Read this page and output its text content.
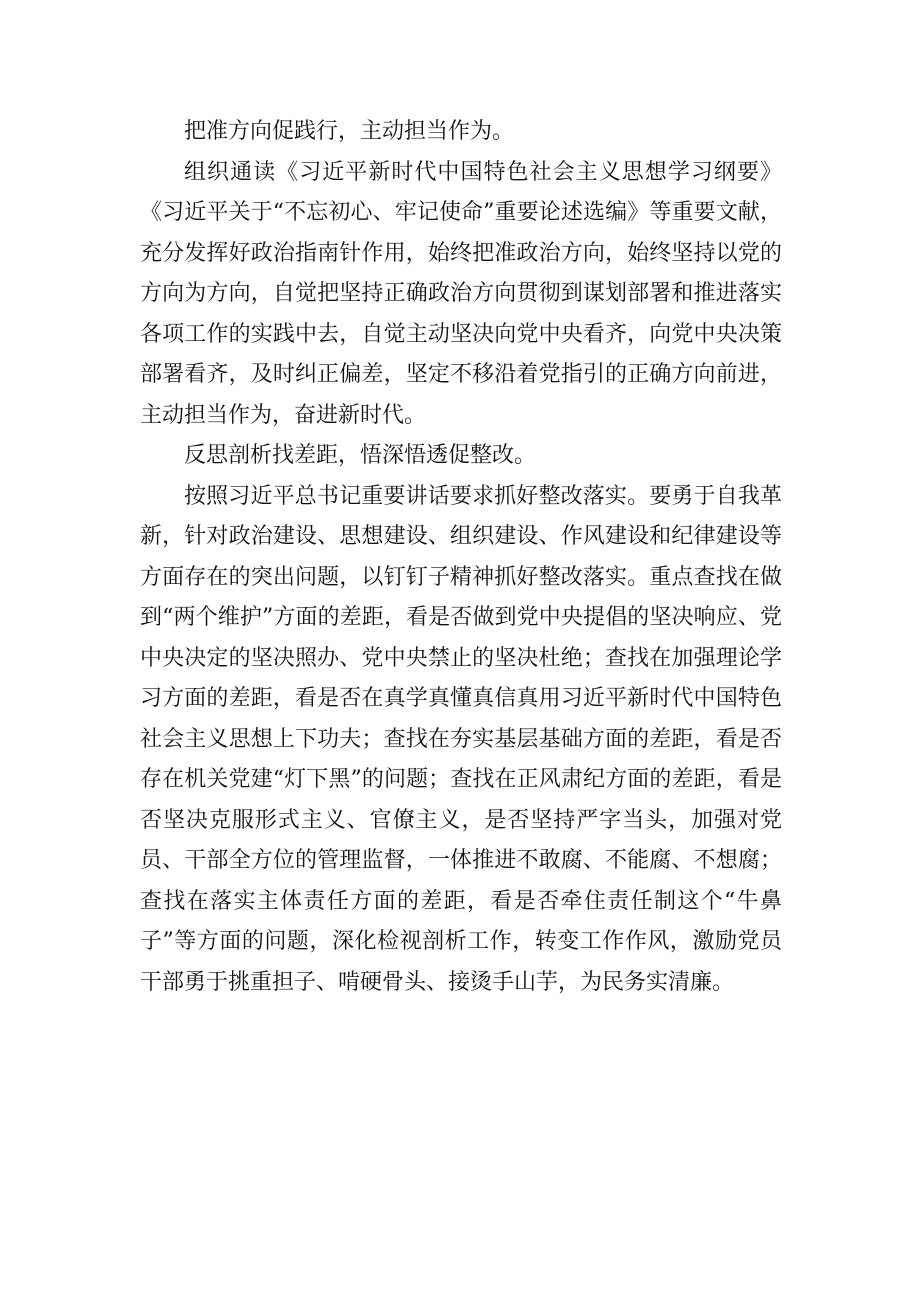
把准方向促践行，主动担当作为。

组织通读《习近平新时代中国特色社会主义思想学习纲要》《习近平关于“不忘初心、牢记使命”重要论述选编》等重要文献，充分发挥好政治指南针作用，始终把准政治方向，始终坚持以党的方向为方向，自觉把坚持正确政治方向贯彻到谋划部署和推进落实各项工作的实践中去，自觉主动坚决向党中央看齐，向党中央决策部署看齐，及时纠正偏差，坚定不移沿着党指引的正确方向前进，主动担当作为，奋进新时代。

反思剖析找差距，悟深悟透促整改。

按照习近平总书记重要讲话要求抓好整改落实。要勇于自我革新，针对政治建设、思想建设、组织建设、作风建设和纪律建设等方面存在的突出问题，以钉钉子精神抓好整改落实。重点查找在做到“两个维护”方面的差距，看是否做到党中央提倡的坚决响应、党中央决定的坚决照办、党中央禁止的坚决杜绝；查找在加强理论学习方面的差距，看是否在真学真懂真信真用习近平新时代中国特色社会主义思想上下功夫；查找在夯实基层基础方面的差距，看是否存在机关党建“灯下黑”的问题；查找在正风肃纪方面的差距，看是否坚决克服形式主义、官僚主义，是否坚持严字当头，加强对党员、干部全方位的管理监督，一体推进不敢腐、不能腐、不想腐；查找在落实主体责任方面的差距，看是否牵住责任制这个“牛鼻子”等方面的问题，深化检视剖析工作，转变工作作风，激励党员干部勇于挑重担子、啃硬骨头、接烫手山芋，为民务实清廉。
